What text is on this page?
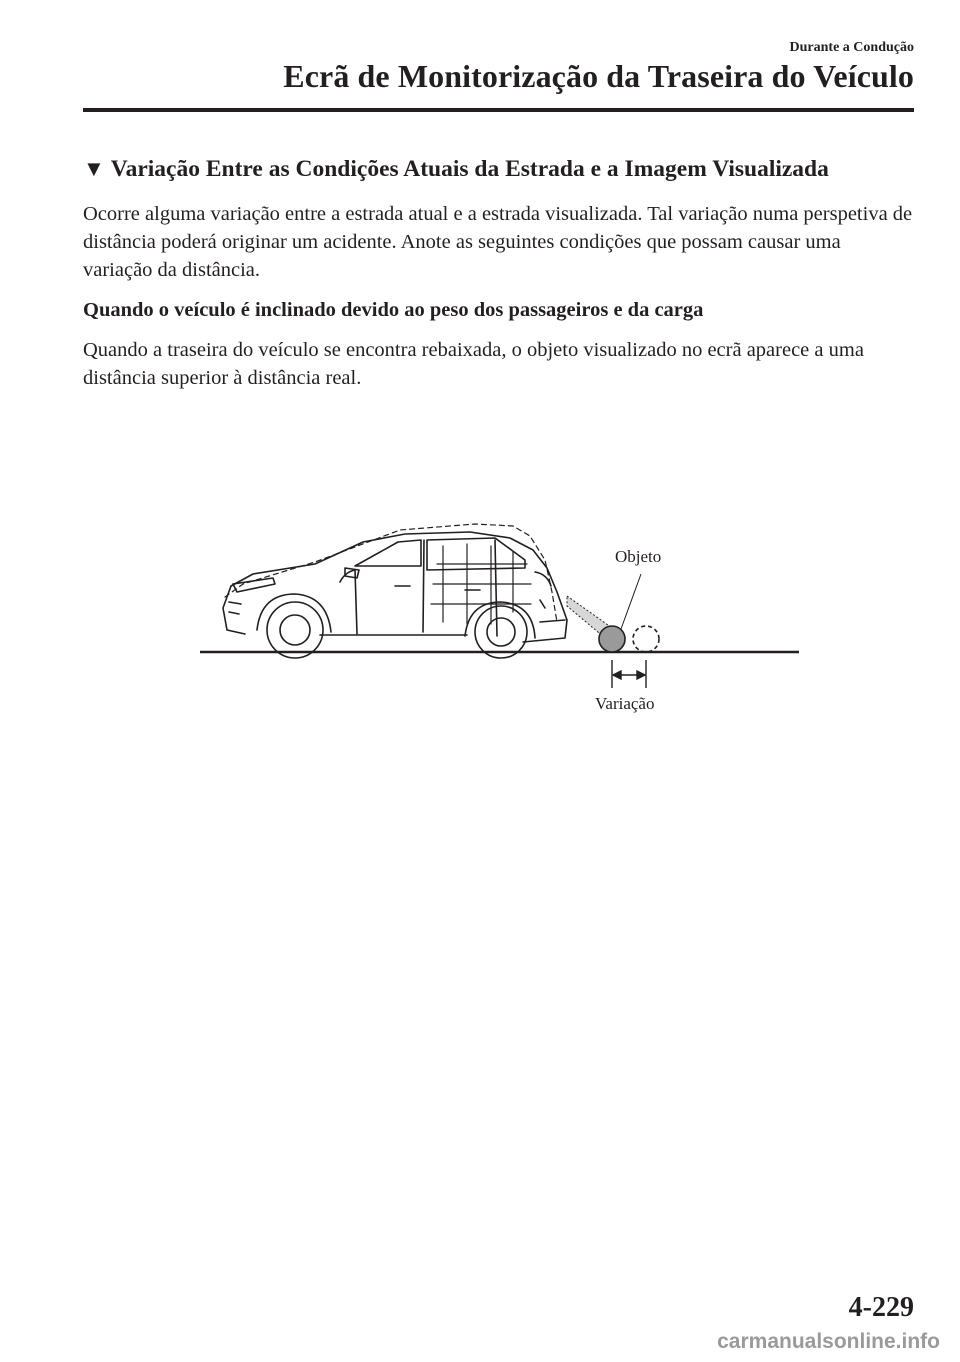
Durante a Condução
Ecrã de Monitorização da Traseira do Veículo
▼ Variação Entre as Condições Atuais da Estrada e a Imagem Visualizada

Ocorre alguma variação entre a estrada atual e a estrada visualizada. Tal variação numa perspetiva de distância poderá originar um acidente. Anote as seguintes condições que possam causar uma variação da distância.

Quando o veículo é inclinado devido ao peso dos passageiros e da carga

Quando a traseira do veículo se encontra rebaixada, o objeto visualizado no ecrã aparece a uma distância superior à distância real.

Objeto
Variação
4-229
carmanualsonline.info
